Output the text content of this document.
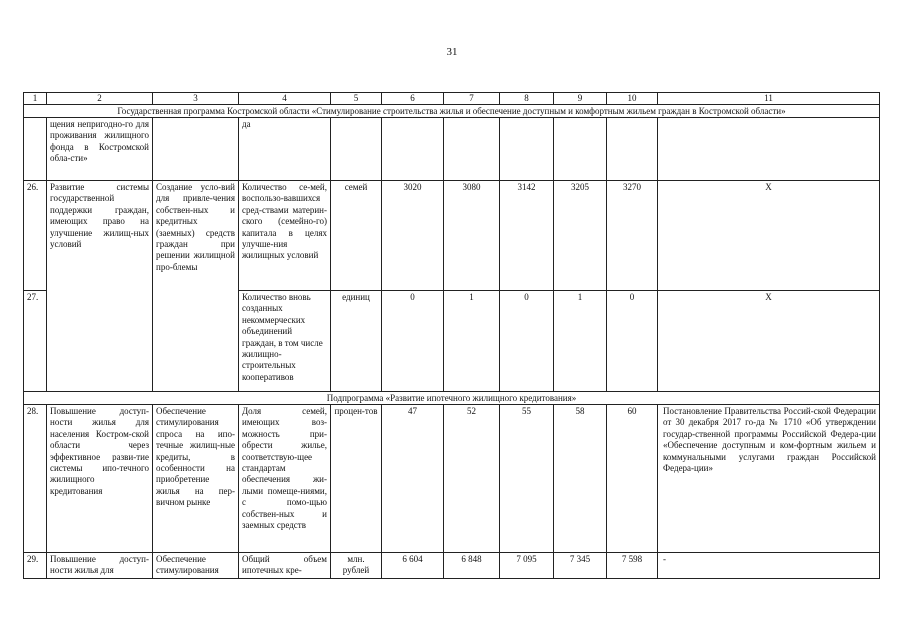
31
1	2	3	4	5	6	7	8	9	10	11
Государственная программа Костромской области «Стимулирование строительства жилья и обеспечение доступным и комфортным жильем граждан в Костромской области»										
	щения непригодно-го для проживания жилищного фонда в Костромской обла-сти»		да							
26.	Развитие системы государственной поддержки граждан, имеющих право на улучшение жилищ-ных условий	Создание усло-вий для привле-чения собствен-ных и кредитных (заемных) средств граждан при решении жилищной про-блемы	Количество се-мей, воспользо-вавшихся сред-ствами материн-ского (семейно-го) капитала в целях улучше-ния жилищных условий	семей	3020	3080	3142	3205	3270	Х
27.			Количество вновь созданных некоммерческих объединений граждан, в том числе жилищно-строительных кооперативов	единиц	0	1	0	1	0	Х
Подпрограмма «Развитие ипотечного жилищного кредитования»										
28.	Повышение доступ-ности жилья для населения Костром-ской области через эффективное разви-тие системы ипо-течного жилищного кредитования	Обеспечение стимулирования спроса на ипо-течные жилищ-ные кредиты, в особенности на приобретение жилья на пер-вичном рынке	Доля семей, имеющих воз-можность при-обрести жилье, соответствую-щее стандартам обеспечения жи-лыми помеще-ниями, с помо-щью собствен-ных и заемных средств	процен-тов	47	52	55	58	60	Постановление Правительства Россий-ской Федерации от 30 декабря 2017 го-да № 1710 «Об утверждении государ-ственной программы Российской Федера-ции «Обеспечение доступным и ком-фортным жильем и коммунальными услугами граждан Российской Федера-ции»
29.	Повышение доступ-ности жилья для	Обеспечение стимулирования	Общий объем ипотечных кре-	млн. рублей	6 604	6 848	7 095	7 345	7 598	-
